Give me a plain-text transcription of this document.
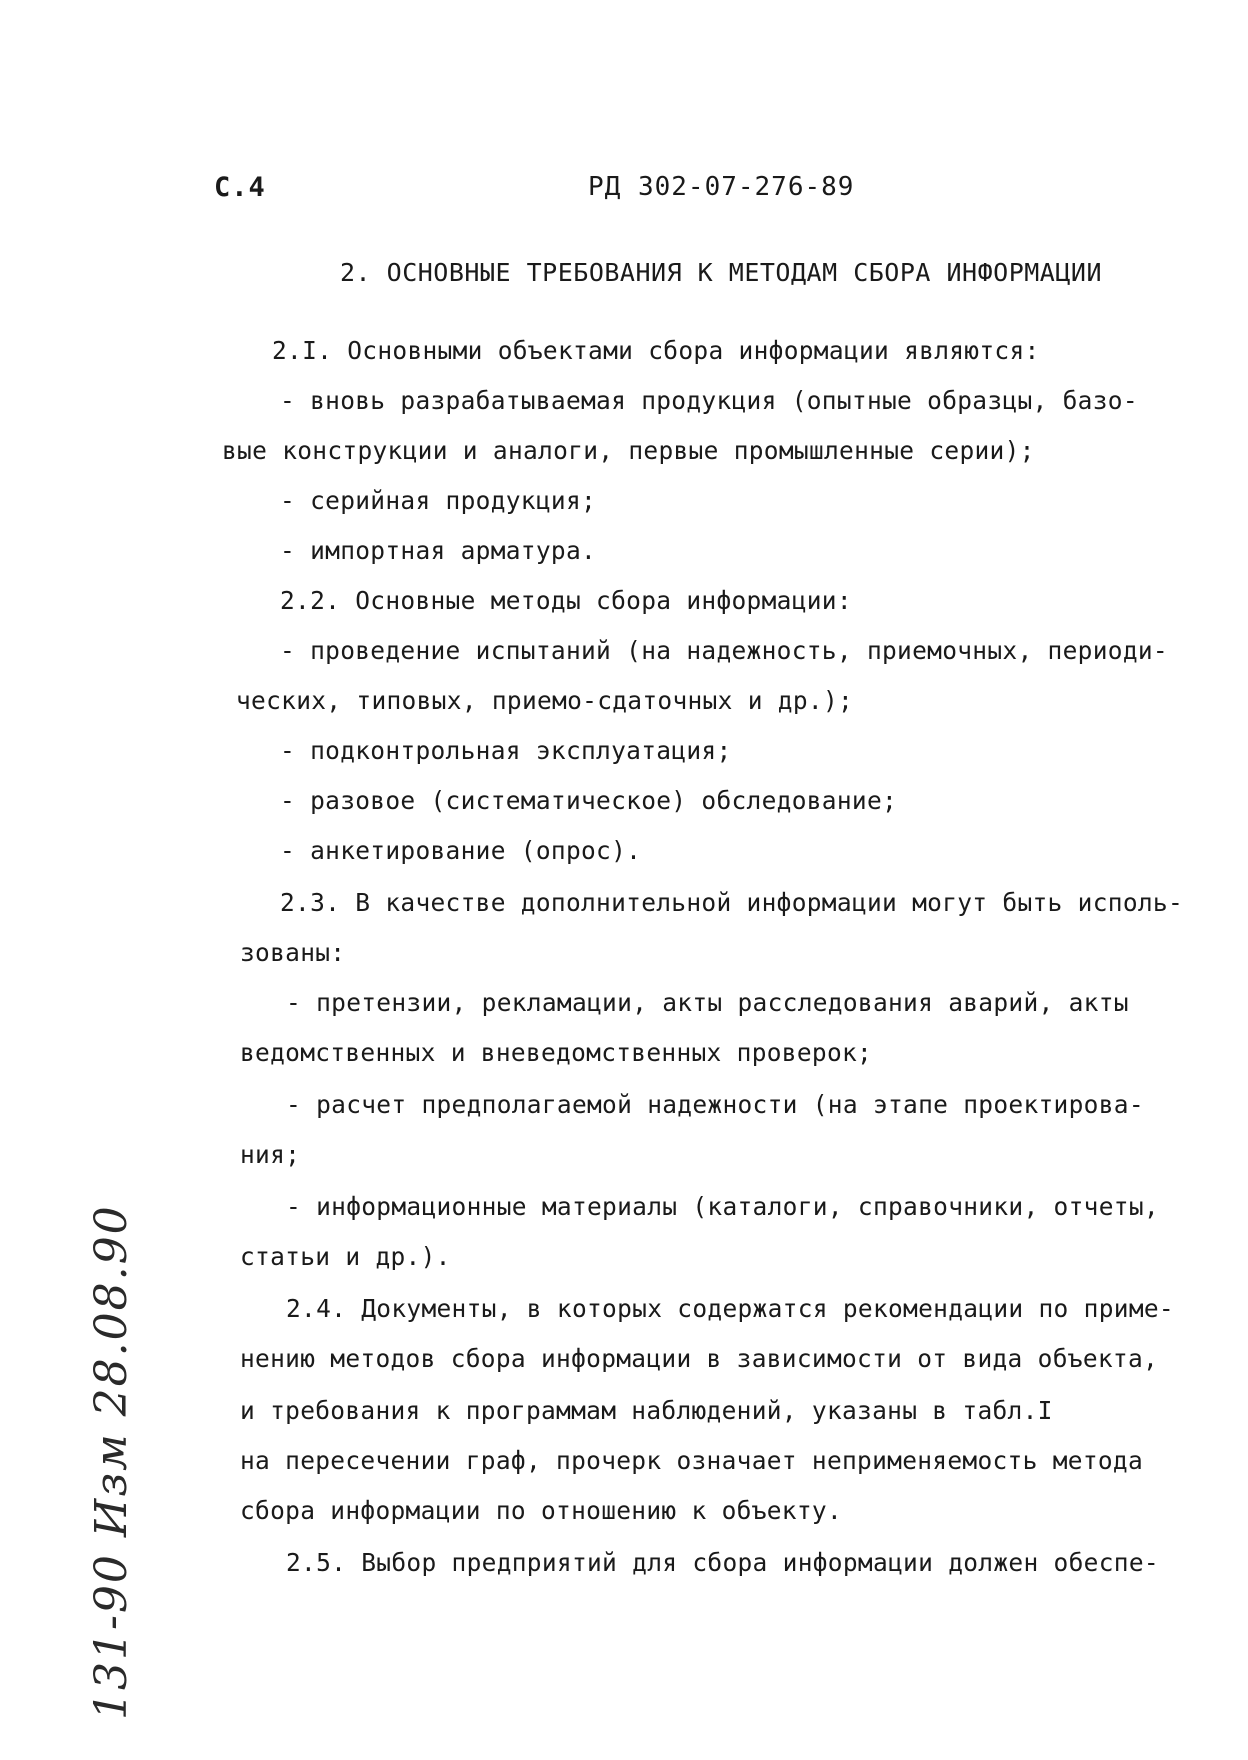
С.4	РД 302-07-276-89
2. ОСНОВНЫЕ ТРЕБОВАНИЯ К МЕТОДАМ СБОРА ИНФОРМАЦИИ
2.I. Основными объектами сбора информации являются:
- вновь разрабатываемая продукция (опытные образцы, базо-
вые конструкции и аналоги, первые промышленные серии);
- серийная продукция;
- импортная арматура.
2.2. Основные методы сбора информации:
- проведение испытаний (на надежность, приемочных, периоди-
ческих, типовых, приемо-сдаточных и др.);
- подконтрольная эксплуатация;
- разовое (систематическое) обследование;
- анкетирование (опрос).
2.3. В качестве дополнительной информации могут быть исполь-
зованы:
- претензии, рекламации, акты расследования аварий, акты
ведомственных и вневедомственных проверок;
- расчет предполагаемой надежности (на этапе проектирова-
ния;
- информационные материалы (каталоги, справочники, отчеты,
статьи и др.).
2.4. Документы, в которых содержатся рекомендации по приме-
нению методов сбора информации в зависимости от вида объекта,
и требования к программам наблюдений, указаны в табл.I
на пересечении граф, прочерк означает неприменяемость метода
сбора информации по отношению к объекту.
2.5. Выбор предприятий для сбора информации должен обеспе-
131-90 Изм 28.08.90
